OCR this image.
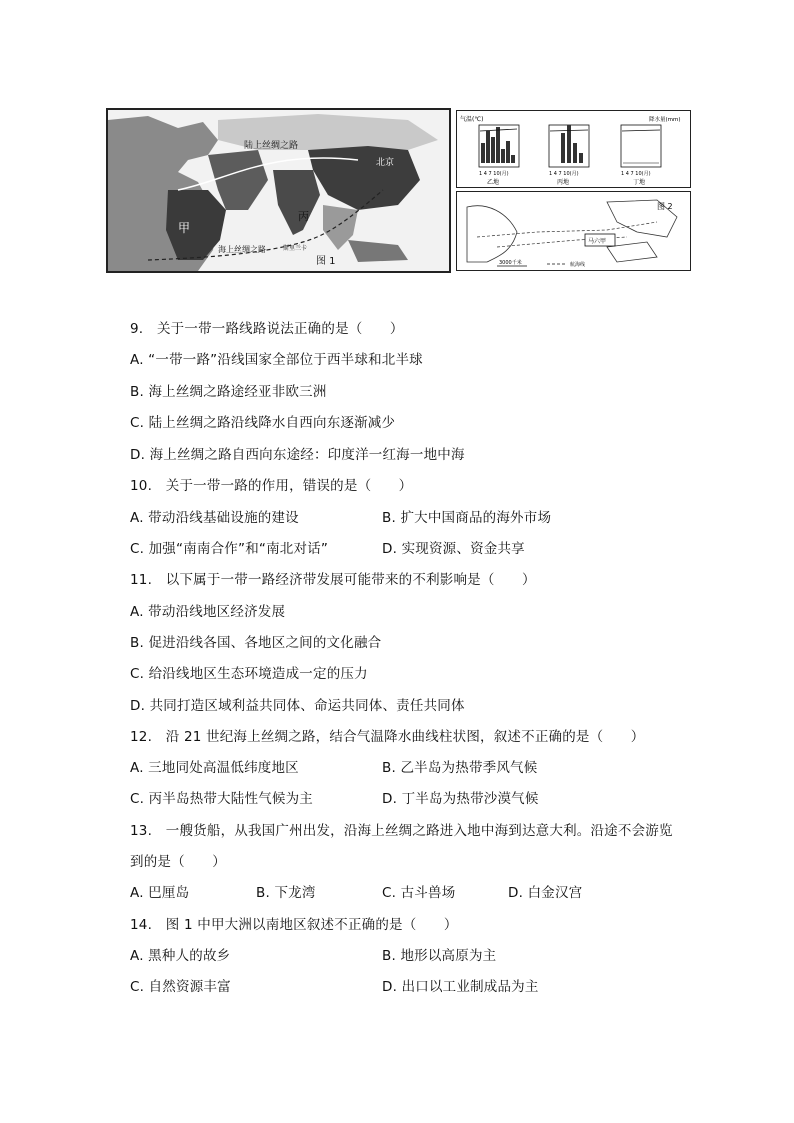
陆上丝绸之路
海上丝绸之路	斯里兰卡
北京
甲
丙
图 1
气温(℃)	降水量(mm)
1 4 7 10(月)
乙地
1 4 7 10(月)
丙地
1 4 7 10(月)
丁地
马六甲
图 2
3000千米	航海线
9.　关于一带一路线路说法正确的是（　　）
A. “一带一路”沿线国家全部位于西半球和北半球
B. 海上丝绸之路途经亚非欧三洲
C. 陆上丝绸之路沿线降水自西向东逐渐减少
D. 海上丝绸之路自西向东途经：印度洋一红海一地中海
10.　关于一带一路的作用，错误的是（　　）
A. 带动沿线基础设施的建设	B. 扩大中国商品的海外市场
C. 加强“南南合作”和“南北对话”	D. 实现资源、资金共享
11.　以下属于一带一路经济带发展可能带来的不利影响是（　　）
A. 带动沿线地区经济发展
B. 促进沿线各国、各地区之间的文化融合
C. 给沿线地区生态环境造成一定的压力
D. 共同打造区域利益共同体、命运共同体、责任共同体
12.　沿 21 世纪海上丝绸之路，结合气温降水曲线柱状图，叙述不正确的是（　　）
A. 三地同处高温低纬度地区	B. 乙半岛为热带季风气候
C. 丙半岛热带大陆性气候为主	D. 丁半岛为热带沙漠气候
13.　一艘货船，从我国广州出发，沿海上丝绸之路进入地中海到达意大利。沿途不会游览
到的是（　　）
A. 巴厘岛	B. 下龙湾	C. 古斗兽场	D. 白金汉宫
14.　图 1 中甲大洲以南地区叙述不正确的是（　　）
A. 黑种人的故乡	B. 地形以高原为主
C. 自然资源丰富	D. 出口以工业制成品为主
